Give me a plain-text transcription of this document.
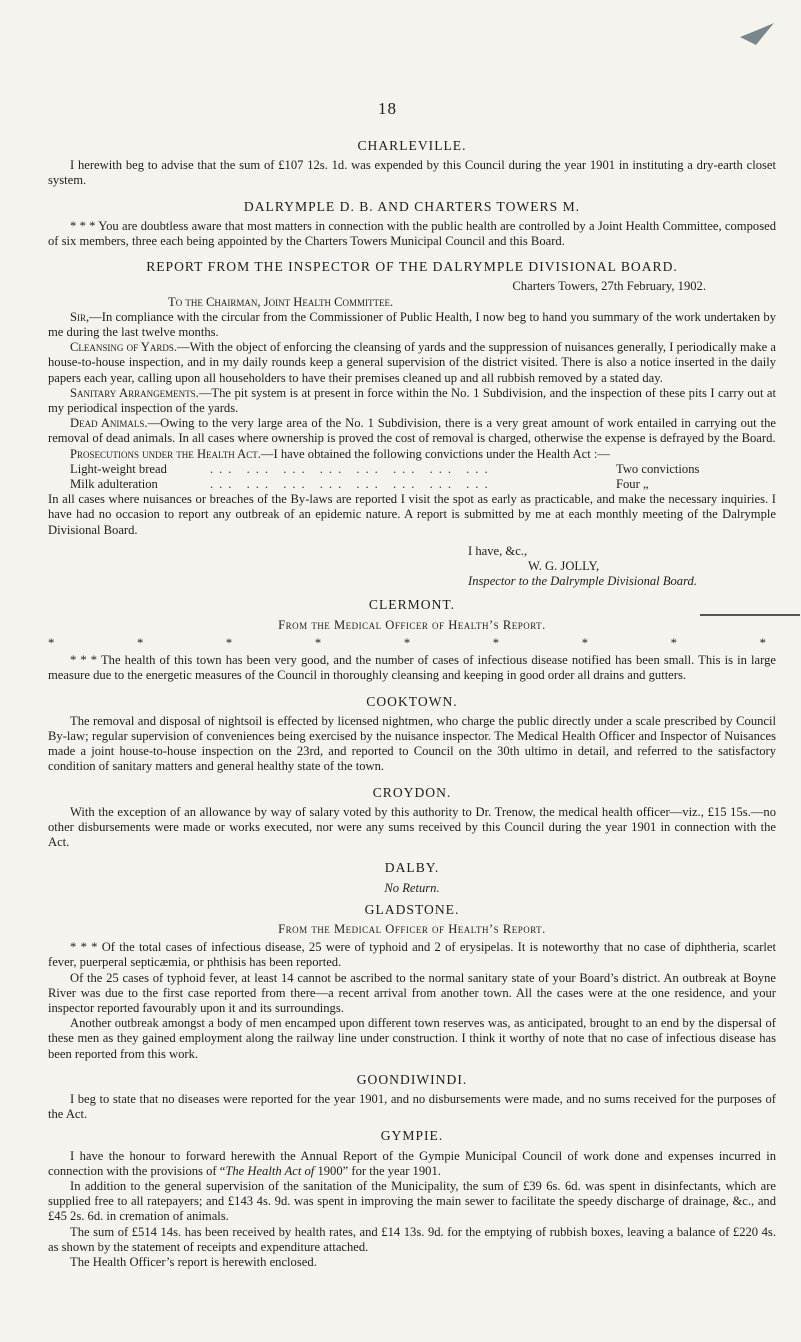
18
CHARLEVILLE.

I herewith beg to advise that the sum of £107 12s. 1d. was expended by this Council during the year 1901 in instituting a dry-earth closet system.

DALRYMPLE D. B. AND CHARTERS TOWERS M.

* * * You are doubtless aware that most matters in connection with the public health are controlled by a Joint Health Committee, composed of six members, three each being appointed by the Charters Towers Municipal Council and this Board.

REPORT FROM THE INSPECTOR OF THE DALRYMPLE DIVISIONAL BOARD.
Charters Towers, 27th February, 1902.
To the Chairman, Joint Health Committee.

Sir,—In compliance with the circular from the Commissioner of Public Health, I now beg to hand you summary of the work undertaken by me during the last twelve months.

Cleansing of Yards.—With the object of enforcing the cleansing of yards and the suppression of nuisances generally, I periodically make a house-to-house inspection, and in my daily rounds keep a general supervision of the district visited. There is also a notice inserted in the daily papers each year, calling upon all householders to have their premises cleaned up and all rubbish removed by a stated day.

Sanitary Arrangements.—The pit system is at present in force within the No. 1 Subdivision, and the inspection of these pits I carry out at my periodical inspection of the yards.

Dead Animals.—Owing to the very large area of the No. 1 Subdivision, there is a very great amount of work entailed in carrying out the removal of dead animals. In all cases where ownership is proved the cost of removal is charged, otherwise the expense is defrayed by the Board.

Prosecutions under the Health Act.—I have obtained the following convictions under the Health Act :—

Light-weight bread	... ... ... ... ... ... ... ...	Two convictions
Milk adulteration	... ... ... ... ... ... ... ...	Four „

In all cases where nuisances or breaches of the By-laws are reported I visit the spot as early as practicable, and make the necessary inquiries. I have had no occasion to report any outbreak of an epidemic nature. A report is submitted by me at each monthly meeting of the Dalrymple Divisional Board.

I have, &c.,
W. G. JOLLY,
Inspector to the Dalrymple Divisional Board.
CLERMONT.
From the Medical Officer of Health’s Report.
*	*	*	*	*	*	*	*	*

* * * The health of this town has been very good, and the number of cases of infectious disease notified has been small. This is in large measure due to the energetic measures of the Council in thoroughly cleansing and keeping in good order all drains and gutters.

COOKTOWN.

The removal and disposal of nightsoil is effected by licensed nightmen, who charge the public directly under a scale prescribed by Council By-law; regular supervision of conveniences being exercised by the nuisance inspector. The Medical Health Officer and Inspector of Nuisances made a joint house-to-house inspection on the 23rd, and reported to Council on the 30th ultimo in detail, and referred to the satisfactory condition of sanitary matters and general healthy state of the town.

CROYDON.

With the exception of an allowance by way of salary voted by this authority to Dr. Trenow, the medical health officer—viz., £15 15s.—no other disbursements were made or works executed, nor were any sums received by this Council during the year 1901 in connection with the Act.

DALBY.
No Return.
GLADSTONE.
From the Medical Officer of Health’s Report.

* * * Of the total cases of infectious disease, 25 were of typhoid and 2 of erysipelas. It is noteworthy that no case of diphtheria, scarlet fever, puerperal septicæmia, or phthisis has been reported.

Of the 25 cases of typhoid fever, at least 14 cannot be ascribed to the normal sanitary state of your Board’s district. An outbreak at Boyne River was due to the first case reported from there—a recent arrival from another town. All the cases were at the one residence, and your inspector reported favourably upon it and its surroundings.

Another outbreak amongst a body of men encamped upon different town reserves was, as anticipated, brought to an end by the dispersal of these men as they gained employment along the railway line under construction. I think it worthy of note that no case of infectious disease has been reported from this work.

GOONDIWINDI.

I beg to state that no diseases were reported for the year 1901, and no disbursements were made, and no sums received for the purposes of the Act.

GYMPIE.

I have the honour to forward herewith the Annual Report of the Gympie Municipal Council of work done and expenses incurred in connection with the provisions of “The Health Act of 1900” for the year 1901.

In addition to the general supervision of the sanitation of the Municipality, the sum of £39 6s. 6d. was spent in disinfectants, which are supplied free to all ratepayers; and £143 4s. 9d. was spent in improving the main sewer to facilitate the speedy discharge of drainage, &c., and £45 2s. 6d. in cremation of animals.

The sum of £514 14s. has been received by health rates, and £14 13s. 9d. for the emptying of rubbish boxes, leaving a balance of £220 4s. as shown by the statement of receipts and expenditure attached.

The Health Officer’s report is herewith enclosed.
